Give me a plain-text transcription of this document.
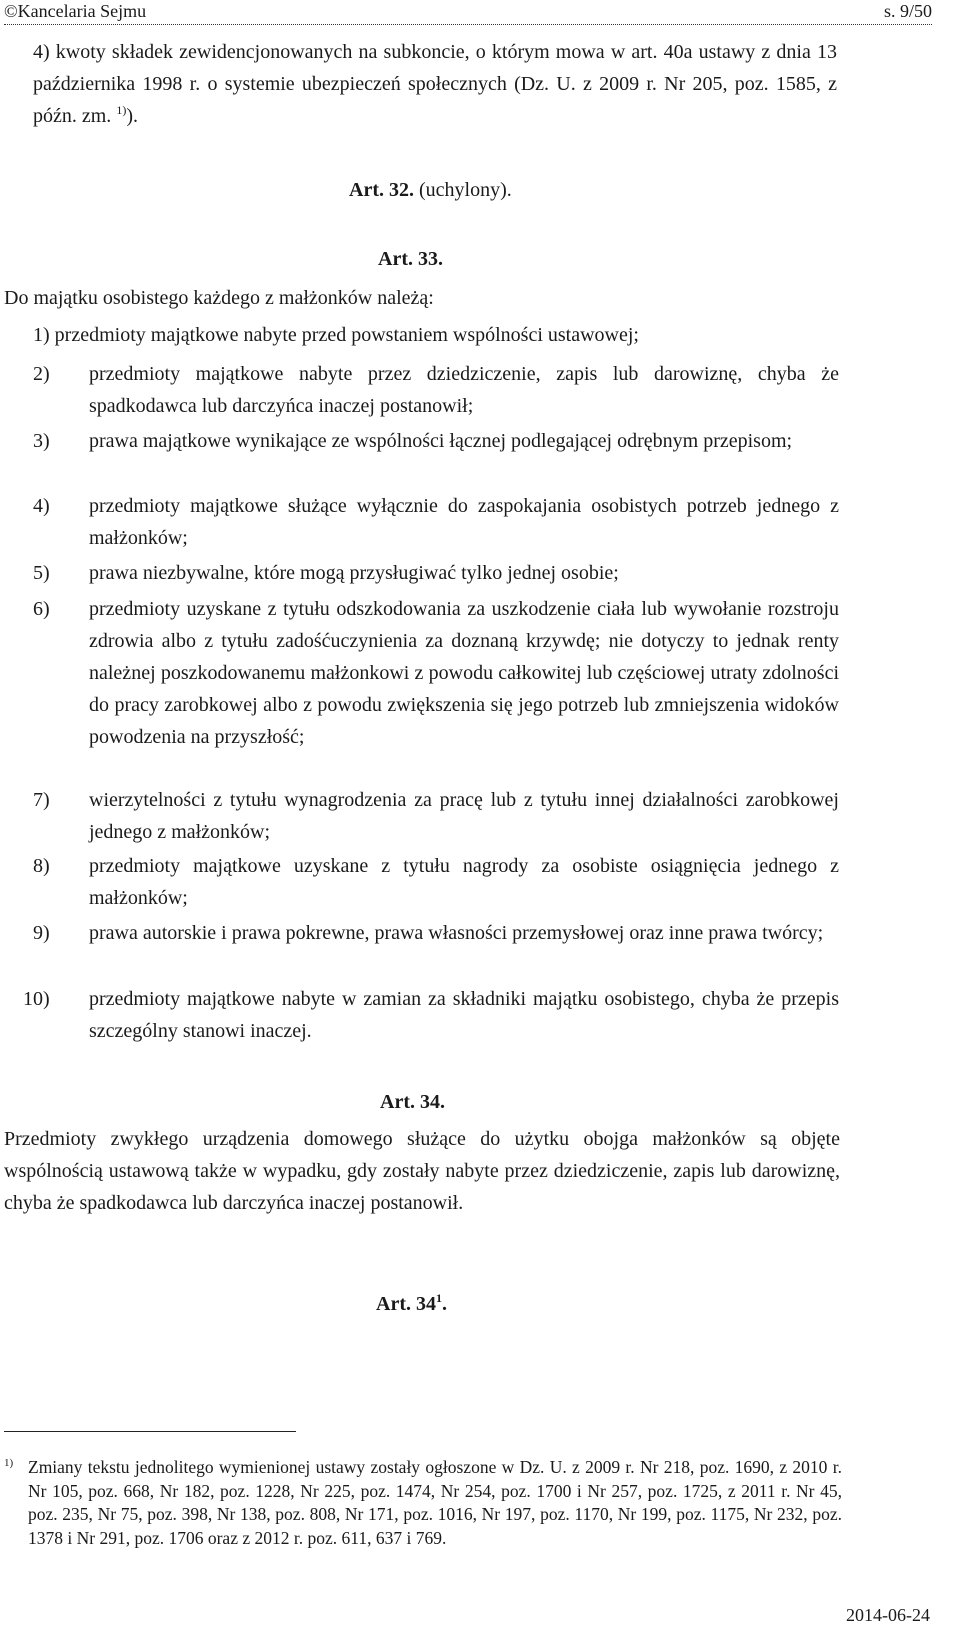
©Kancelaria Sejmu	s. 9/50
4) kwoty składek zewidencjonowanych na subkoncie, o którym mowa w art. 40a ustawy z dnia 13 października 1998 r. o systemie ubezpieczeń społecznych (Dz. U. z 2009 r. Nr 205, poz. 1585, z późn. zm. $^{1)}$).
Art. 32. (uchylony).
Art. 33.
Do majątku osobistego każdego z małżonków należą:
1) przedmioty majątkowe nabyte przed powstaniem wspólności ustawowej;
2) przedmioty majątkowe nabyte przez dziedziczenie, zapis lub darowiznę, chyba że spadkodawca lub darczyńca inaczej postanowił;
3) prawa majątkowe wynikające ze wspólności łącznej podlegającej odrębnym przepisom;
4) przedmioty majątkowe służące wyłącznie do zaspokajania osobistych potrzeb jednego z małżonków;
5) prawa niezbywalne, które mogą przysługiwać tylko jednej osobie;
6) przedmioty uzyskane z tytułu odszkodowania za uszkodzenie ciała lub wywołanie rozstroju zdrowia albo z tytułu zadośćuczynienia za doznaną krzywdę; nie dotyczy to jednak renty należnej poszkodowanemu małżonkowi z powodu całkowitej lub częściowej utraty zdolności do pracy zarobkowej albo z powodu zwiększenia się jego potrzeb lub zmniejszenia widoków powodzenia na przyszłość;
7) wierzytelności z tytułu wynagrodzenia za pracę lub z tytułu innej działalności zarobkowej jednego z małżonków;
8) przedmioty majątkowe uzyskane z tytułu nagrody za osobiste osiągnięcia jednego z małżonków;
9) prawa autorskie i prawa pokrewne, prawa własności przemysłowej oraz inne prawa twórcy;
10) przedmioty majątkowe nabyte w zamian za składniki majątku osobistego, chyba że przepis szczególny stanowi inaczej.
Art. 34.
Przedmioty zwykłego urządzenia domowego służące do użytku obojga małżonków są objęte wspólnością ustawową także w wypadku, gdy zostały nabyte przez dziedziczenie, zapis lub darowiznę, chyba że spadkodawca lub darczyńca inaczej postanowił.
Art. $34^1$.
1) Zmiany tekstu jednolitego wymienionej ustawy zostały ogłoszone w Dz. U. z 2009 r. Nr 218, poz. 1690, z 2010 r. Nr 105, poz. 668, Nr 182, poz. 1228, Nr 225, poz. 1474, Nr 254, poz. 1700 i Nr 257, poz. 1725, z 2011 r. Nr 45, poz. 235, Nr 75, poz. 398, Nr 138, poz. 808, Nr 171, poz. 1016, Nr 197, poz. 1170, Nr 199, poz. 1175, Nr 232, poz. 1378 i Nr 291, poz. 1706 oraz z 2012 r. poz. 611, 637 i 769.
2014-06-24
